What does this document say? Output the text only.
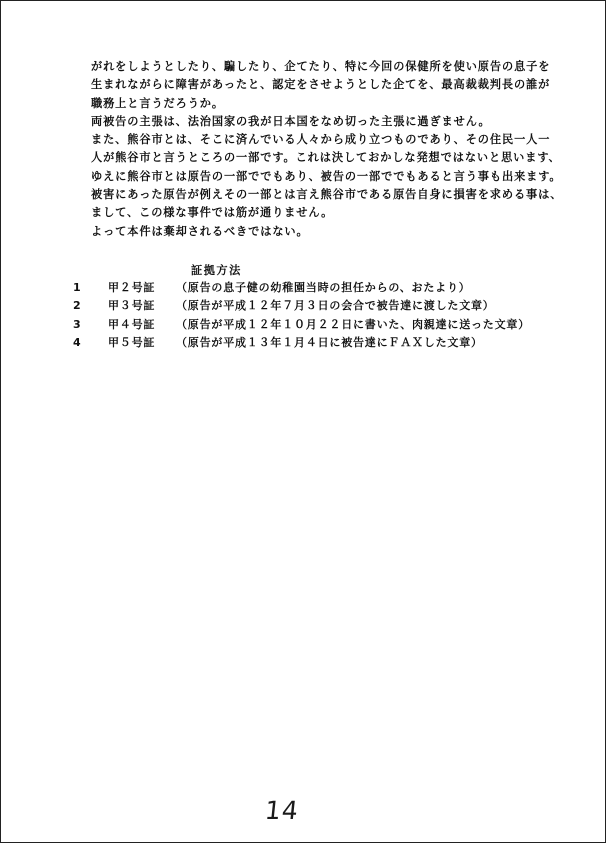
がれをしようとしたり、騙したり、企てたり、特に今回の保健所を使い原告の息子を
生まれながらに障害があったと、認定をさせようとした企てを、最高裁裁判長の誰が
職務上と言うだろうか。
両被告の主張は、法治国家の我が日本国をなめ切った主張に過ぎません。
また、熊谷市とは、そこに済んでいる人々から成り立つものであり、その住民一人一
人が熊谷市と言うところの一部です。これは決しておかしな発想ではないと思います、
ゆえに熊谷市とは原告の一部ででもあり、被告の一部ででもあると言う事も出来ます。
被害にあった原告が例えその一部とは言え熊谷市である原告自身に損害を求める事は、
まして、この様な事件では筋が通りません。
よって本件は棄却されるべきではない。
証拠方法
1	甲２号証	（原告の息子健の幼稚園当時の担任からの、おたより）
2	甲３号証	（原告が平成１２年７月３日の会合で被告達に渡した文章）
3	甲４号証	（原告が平成１２年１０月２２日に書いた、肉親達に送った文章）
4	甲５号証	（原告が平成１３年１月４日に被告達にＦＡＸした文章）
14
